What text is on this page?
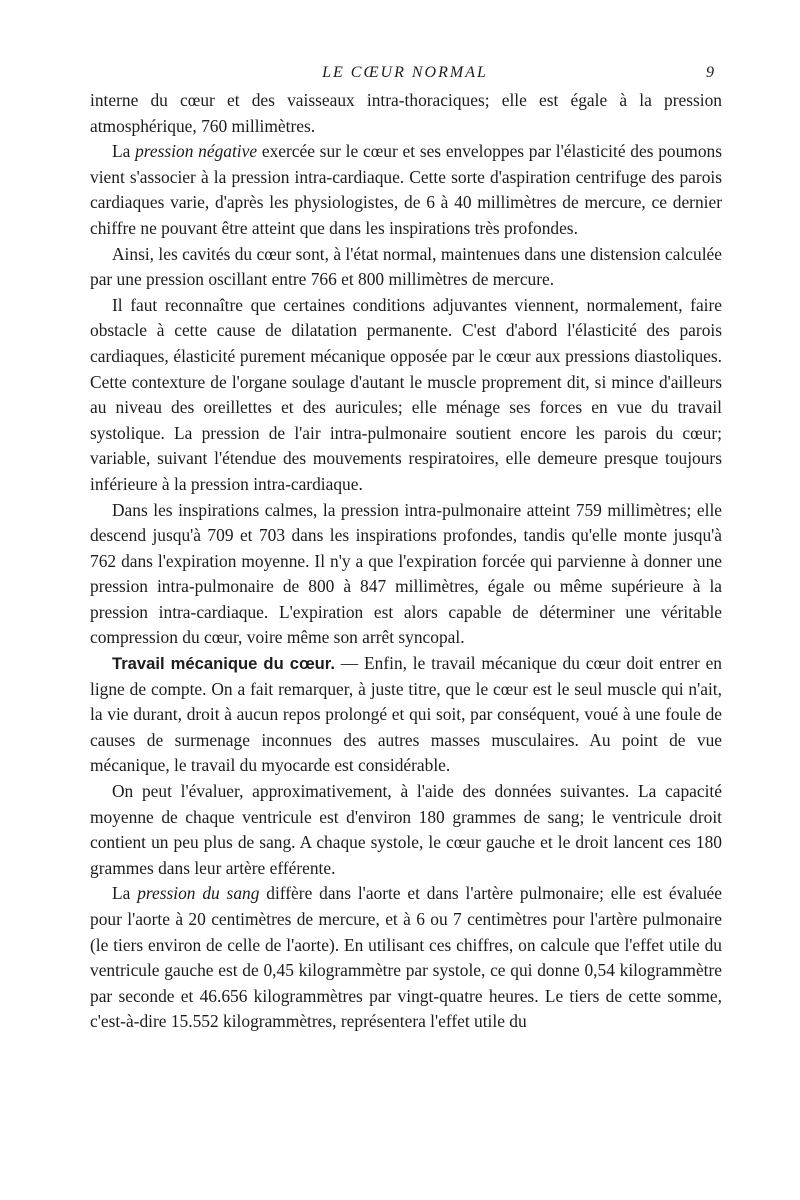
LE CŒUR NORMAL	9

interne du cœur et des vaisseaux intra-thoraciques; elle est égale à la pression atmosphérique, 760 millimètres.

La pression négative exercée sur le cœur et ses enveloppes par l'élasticité des poumons vient s'associer à la pression intra-cardiaque. Cette sorte d'aspiration centrifuge des parois cardiaques varie, d'après les physiologistes, de 6 à 40 millimètres de mercure, ce dernier chiffre ne pouvant être atteint que dans les inspirations très profondes.

Ainsi, les cavités du cœur sont, à l'état normal, maintenues dans une distension calculée par une pression oscillant entre 766 et 800 millimètres de mercure.

Il faut reconnaître que certaines conditions adjuvantes viennent, normalement, faire obstacle à cette cause de dilatation permanente. C'est d'abord l'élasticité des parois cardiaques, élasticité purement mécanique opposée par le cœur aux pressions diastoliques. Cette contexture de l'organe soulage d'autant le muscle proprement dit, si mince d'ailleurs au niveau des oreillettes et des auricules; elle ménage ses forces en vue du travail systolique. La pression de l'air intra-pulmonaire soutient encore les parois du cœur; variable, suivant l'étendue des mouvements respiratoires, elle demeure presque toujours inférieure à la pression intra-cardiaque.

Dans les inspirations calmes, la pression intra-pulmonaire atteint 759 millimètres; elle descend jusqu'à 709 et 703 dans les inspirations profondes, tandis qu'elle monte jusqu'à 762 dans l'expiration moyenne. Il n'y a que l'expiration forcée qui parvienne à donner une pression intra-pulmonaire de 800 à 847 millimètres, égale ou même supérieure à la pression intra-cardiaque. L'expiration est alors capable de déterminer une véritable compression du cœur, voire même son arrêt syncopal.

Travail mécanique du cœur. — Enfin, le travail mécanique du cœur doit entrer en ligne de compte. On a fait remarquer, à juste titre, que le cœur est le seul muscle qui n'ait, la vie durant, droit à aucun repos prolongé et qui soit, par conséquent, voué à une foule de causes de surmenage inconnues des autres masses musculaires. Au point de vue mécanique, le travail du myocarde est considérable.

On peut l'évaluer, approximativement, à l'aide des données suivantes. La capacité moyenne de chaque ventricule est d'environ 180 grammes de sang; le ventricule droit contient un peu plus de sang. A chaque systole, le cœur gauche et le droit lancent ces 180 grammes dans leur artère efférente.

La pression du sang diffère dans l'aorte et dans l'artère pulmonaire; elle est évaluée pour l'aorte à 20 centimètres de mercure, et à 6 ou 7 centimètres pour l'artère pulmonaire (le tiers environ de celle de l'aorte). En utilisant ces chiffres, on calcule que l'effet utile du ventricule gauche est de 0,45 kilogrammètre par systole, ce qui donne 0,54 kilogrammètre par seconde et 46.656 kilogrammètres par vingt-quatre heures. Le tiers de cette somme, c'est-à-dire 15.552 kilogrammètres, représentera l'effet utile du
